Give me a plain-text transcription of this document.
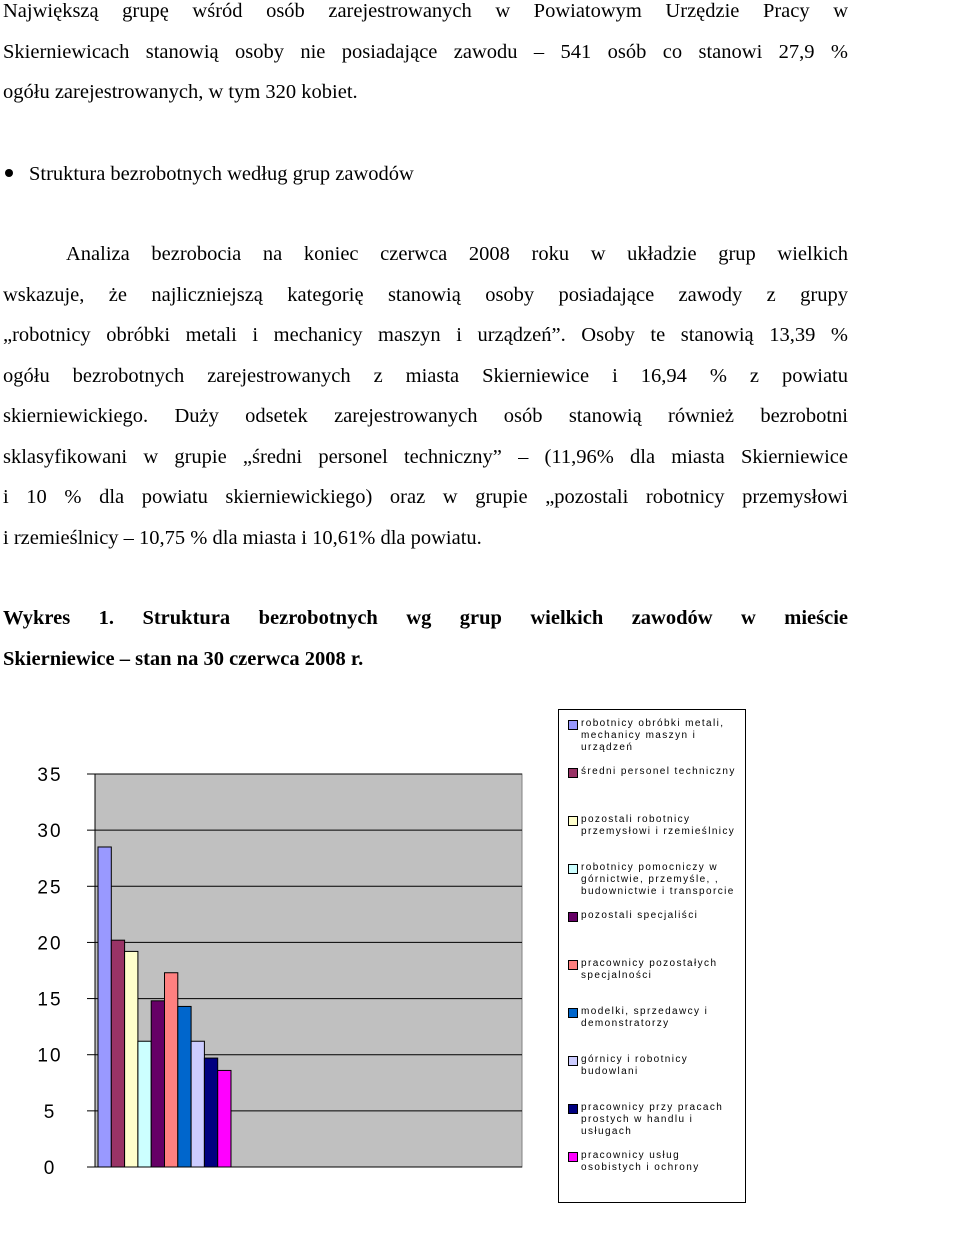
Największą grupę wśród osób zarejestrowanych w Powiatowym Urzędzie Pracy w
Skierniewicach stanowią osoby nie posiadające zawodu – 541 osób co stanowi 27,9 %
ogółu zarejestrowanych, w tym 320 kobiet.
Struktura bezrobotnych według grup zawodów
Analiza bezrobocia na koniec czerwca 2008 roku w układzie grup wielkich
wskazuje, że najliczniejszą kategorię stanowią osoby posiadające zawody z grupy
„robotnicy obróbki metali i mechanicy maszyn i urządzeń”. Osoby te stanowią 13,39 %
ogółu bezrobotnych zarejestrowanych z miasta Skierniewice i 16,94 % z powiatu
skierniewickiego. Duży odsetek zarejestrowanych osób stanowią również bezrobotni
sklasyfikowani w grupie „średni personel techniczny” – (11,96% dla miasta Skierniewice
i 10 % dla powiatu skierniewickiego) oraz w grupie „pozostali robotnicy przemysłowi
i rzemieślnicy – 10,75 % dla miasta i 10,61% dla powiatu.
Wykres 1. Struktura bezrobotnych wg grup wielkich zawodów w mieście
Skierniewice – stan na 30 czerwca 2008 r.
0
5
10
15
20
25
30
35
robotnicy obróbki metali, mechanicy maszyn i urządzeń
średni personel techniczny
pozostali robotnicy przemysłowi i rzemieślnicy
robotnicy pomocniczy w górnictwie, przemyśle, , budownictwie i transporcie
pozostali specjaliści
pracownicy pozostałych specjalności
modelki, sprzedawcy i demonstratorzy
górnicy i robotnicy budowlani
pracownicy przy pracach prostych w handlu i usługach
pracownicy usług osobistych i ochrony
